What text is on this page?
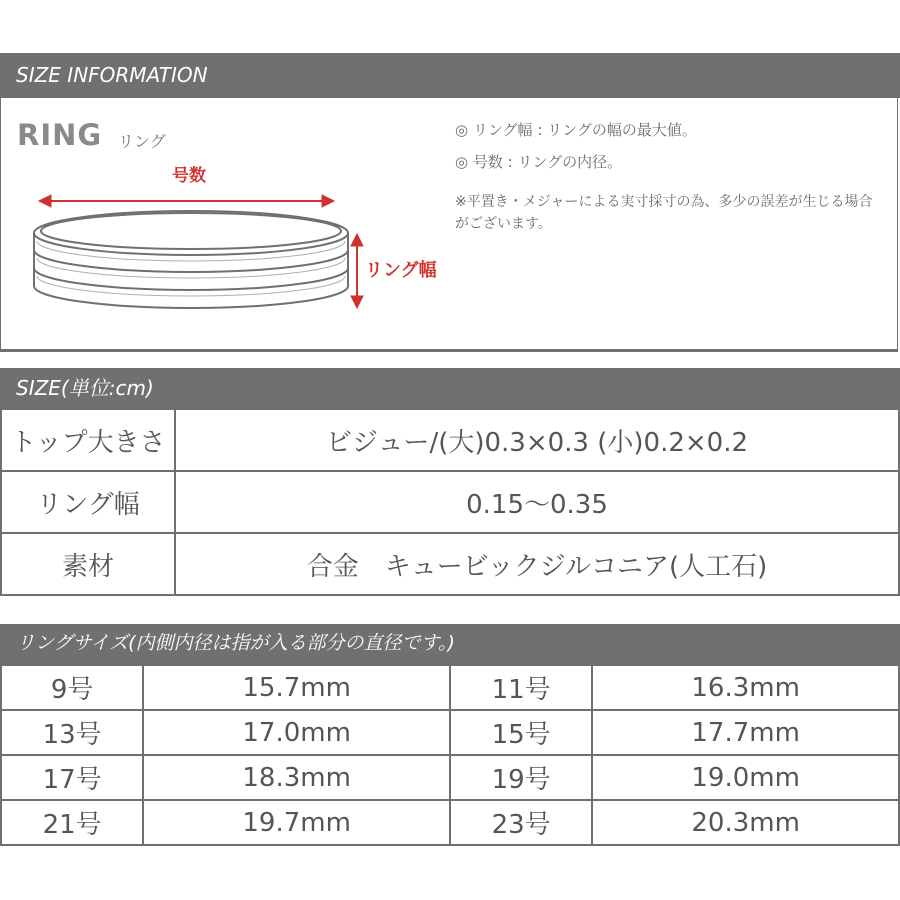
SIZE INFORMATION
RING リング
号数
リング幅
◎ リング幅 : リングの幅の最大値。
◎ 号数 : リングの内径。
※平置き・メジャーによる実寸採寸の為、多少の誤差が生じる場合がございます。
SIZE(単位:cm)
トップ大きさ	ビジュー/(大)0.3×0.3 (小)0.2×0.2
リング幅	0.15〜0.35
素材	合金　キュービックジルコニア(人工石)
リングサイズ(内側内径は指が入る部分の直径です。)
9号	15.7mm	11号	16.3mm
13号	17.0mm	15号	17.7mm
17号	18.3mm	19号	19.0mm
21号	19.7mm	23号	20.3mm
